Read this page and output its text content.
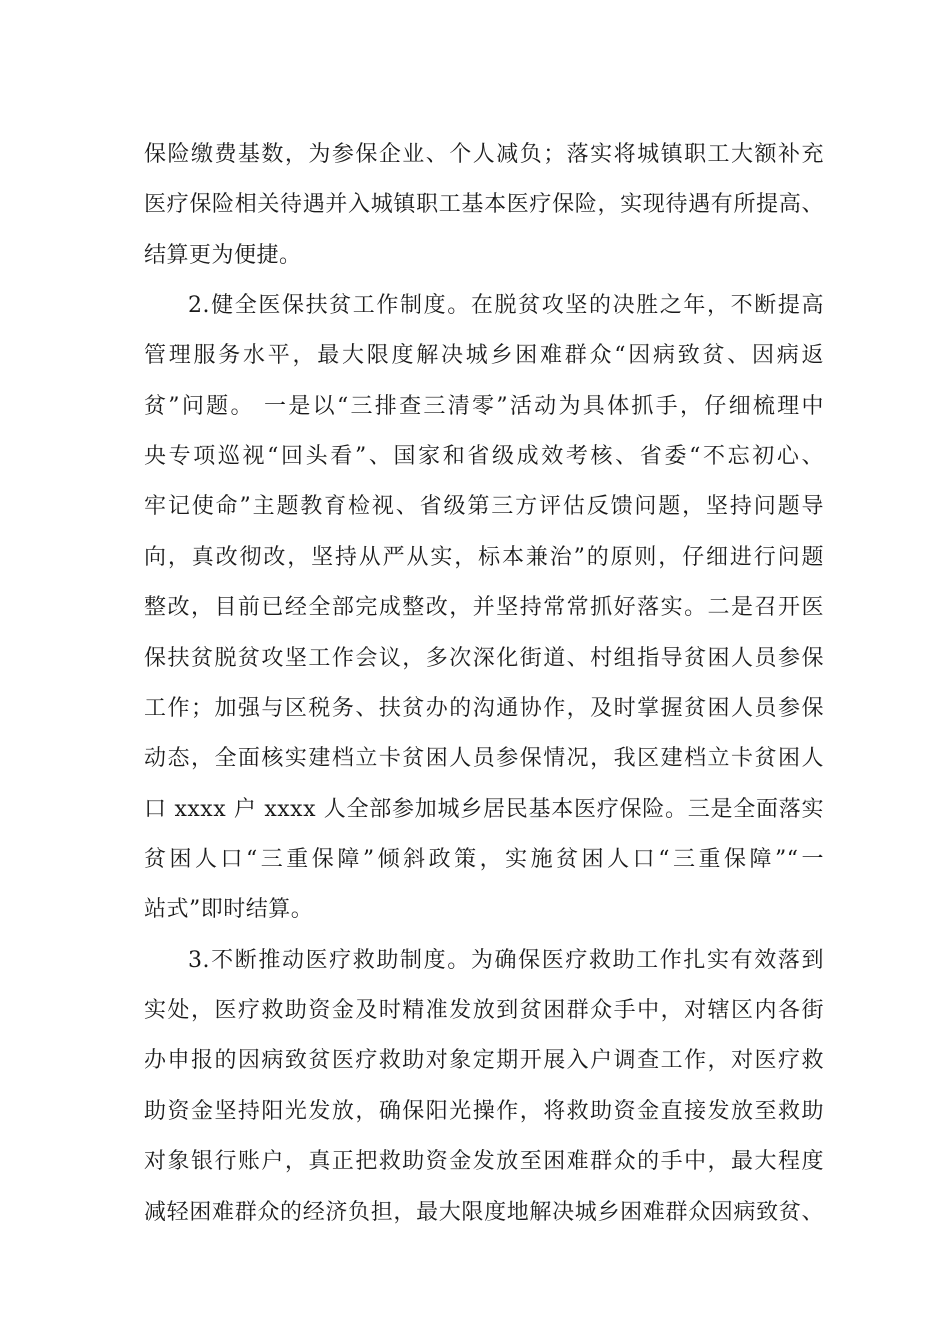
保险缴费基数，为参保企业、个人减负；落实将城镇职工大额补充
医疗保险相关待遇并入城镇职工基本医疗保险，实现待遇有所提高、
结算更为便捷。
2.健全医保扶贫工作制度。在脱贫攻坚的决胜之年，不断提高
管理服务水平，最大限度解决城乡困难群众“因病致贫、因病返
贫”问题。 一是以“三排查三清零”活动为具体抓手，仔细梳理中
央专项巡视“回头看”、国家和省级成效考核、省委“不忘初心、
牢记使命”主题教育检视、省级第三方评估反馈问题，坚持问题导
向，真改彻改，坚持从严从实，标本兼治”的原则，仔细进行问题
整改，目前已经全部完成整改，并坚持常常抓好落实。二是召开医
保扶贫脱贫攻坚工作会议，多次深化街道、村组指导贫困人员参保
工作；加强与区税务、扶贫办的沟通协作，及时掌握贫困人员参保
动态，全面核实建档立卡贫困人员参保情况，我区建档立卡贫困人
口 xxxx 户 xxxx 人全部参加城乡居民基本医疗保险。三是全面落实
贫困人口“三重保障”倾斜政策，实施贫困人口“三重保障”“一
站式”即时结算。
3.不断推动医疗救助制度。为确保医疗救助工作扎实有效落到
实处，医疗救助资金及时精准发放到贫困群众手中，对辖区内各街
办申报的因病致贫医疗救助对象定期开展入户调查工作，对医疗救
助资金坚持阳光发放，确保阳光操作，将救助资金直接发放至救助
对象银行账户，真正把救助资金发放至困难群众的手中，最大程度
减轻困难群众的经济负担，最大限度地解决城乡困难群众因病致贫、
